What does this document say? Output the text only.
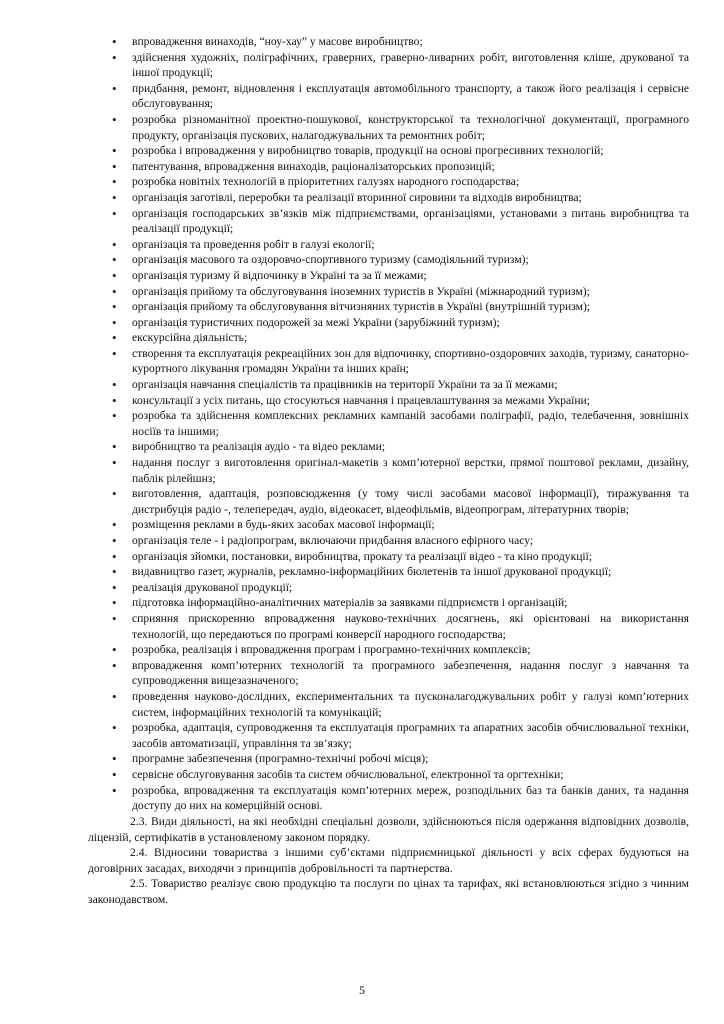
• впровадження винаходів, “ноу-хау” у масове виробництво;
• здійснення художніх, поліграфічних, граверних, граверно-ливарних робіт, виготовлення кліше, друкованої та іншої продукції;
• придбання, ремонт, відновлення і експлуатація автомобільного транспорту, а також його реалізація і сервісне обслуговування;
• розробка різноманітної проектно-пошукової, конструкторської та технологічної документації, програмного продукту, організація пускових, налагоджувальних та ремонтних робіт;
• розробка і впровадження у виробництво товарів, продукції на основі прогресивних технологій;
• патентування, впровадження винаходів, раціоналізаторських пропозицій;
• розробка новітніх технологій в пріоритетних галузях народного господарства;
• організація заготівлі, переробки та реалізації вторинної сировини та відходів виробництва;
• організація господарських зв’язків між підприємствами, організаціями, установами з питань виробництва та реалізації продукції;
• організація та проведення робіт в галузі екології;
• організація масового та оздоровчо-спортивного туризму (самодіяльний туризм);
• організація туризму й відпочинку в Україні та за її межами;
• організація прийому та обслуговування іноземних туристів в Україні (міжнародний туризм);
• організація прийому та обслуговування вітчизняних туристів в Україні (внутрішній туризм);
• організація туристичних подорожей за межі України (зарубіжний туризм);
• екскурсійна діяльність;
• створення та експлуатація рекреаційних зон для відпочинку, спортивно-оздоровчих заходів, туризму, санаторно-курортного лікування громадян України та інших країн;
• організація навчання спеціалістів та працівників на території України та за її межами;
• консультації з усіх питань, що стосуються навчання і працевлаштування за межами України;
• розробка та здійснення комплексних рекламних кампаній засобами поліграфії, радіо, телебачення, зовнішніх носіїв та іншими;
• виробництво та реалізація аудіо - та відео реклами;
• надання послуг з виготовлення оригінал-макетів з комп’ютерної верстки, прямої поштової реклами, дизайну, паблік рілейшнз;
• виготовлення, адаптація, розповсюдження (у тому числі засобами масової інформації), тиражування та дистрибуція радіо -, телепередач, аудіо, відеокасет, відеофільмів, відеопрограм, літературних творів;
• розміщення реклами в будь-яких засобах масової інформації;
• організація теле - і радіопрограм, включаючи придбання власного ефірного часу;
• організація зйомки, постановки, виробництва, прокату та реалізації відео - та кіно продукції;
• видавництво газет, журналів, рекламно-інформаційних бюлетенів та іншої друкованої продукції;
• реалізація друкованої продукції;
• підготовка інформаційно-аналітичних матеріалів за заявками підприємств і організацій;
• сприяння прискоренню впровадження науково-технічних досягнень, які орієнтовані на використання технологій, що передаються по програмі конверсії народного господарства;
• розробка, реалізація і впровадження програм і програмно-технічних комплексів;
• впровадження комп’ютерних технологій та програмного забезпечення, надання послуг з навчання та супроводження вищезазначеного;
• проведення науково-дослідних, експериментальних та пусконалагоджувальних робіт у галузі комп’ютерних систем, інформаційних технологій та комунікацій;
• розробка, адаптація, супроводження та експлуатація програмних та апаратних засобів обчислювальної техніки, засобів автоматизації, управління та зв’язку;
• програмне забезпечення (програмно-технічні робочі місця);
• сервісне обслуговування засобів та систем обчислювальної, електронної та оргтехніки;
• розробка, впровадження та експлуатація комп’ютерних мереж, розподільних баз та банків даних, та надання доступу до них на комерційній основі.

2.3. Види діяльності, на які необхідні спеціальні дозволи, здійснюються після одержання відповідних дозволів, ліцензій, сертифікатів в установленому законом порядку.

2.4. Відносини товариства з іншими суб’єктами підприємницької діяльності у всіх сферах будуються на договірних засадах, виходячи з принципів добровільності та партнерства.

2.5. Товариство реалізує свою продукцію та послуги по цінах та тарифах, які встановлюються згідно з чинним законодавством.

5
